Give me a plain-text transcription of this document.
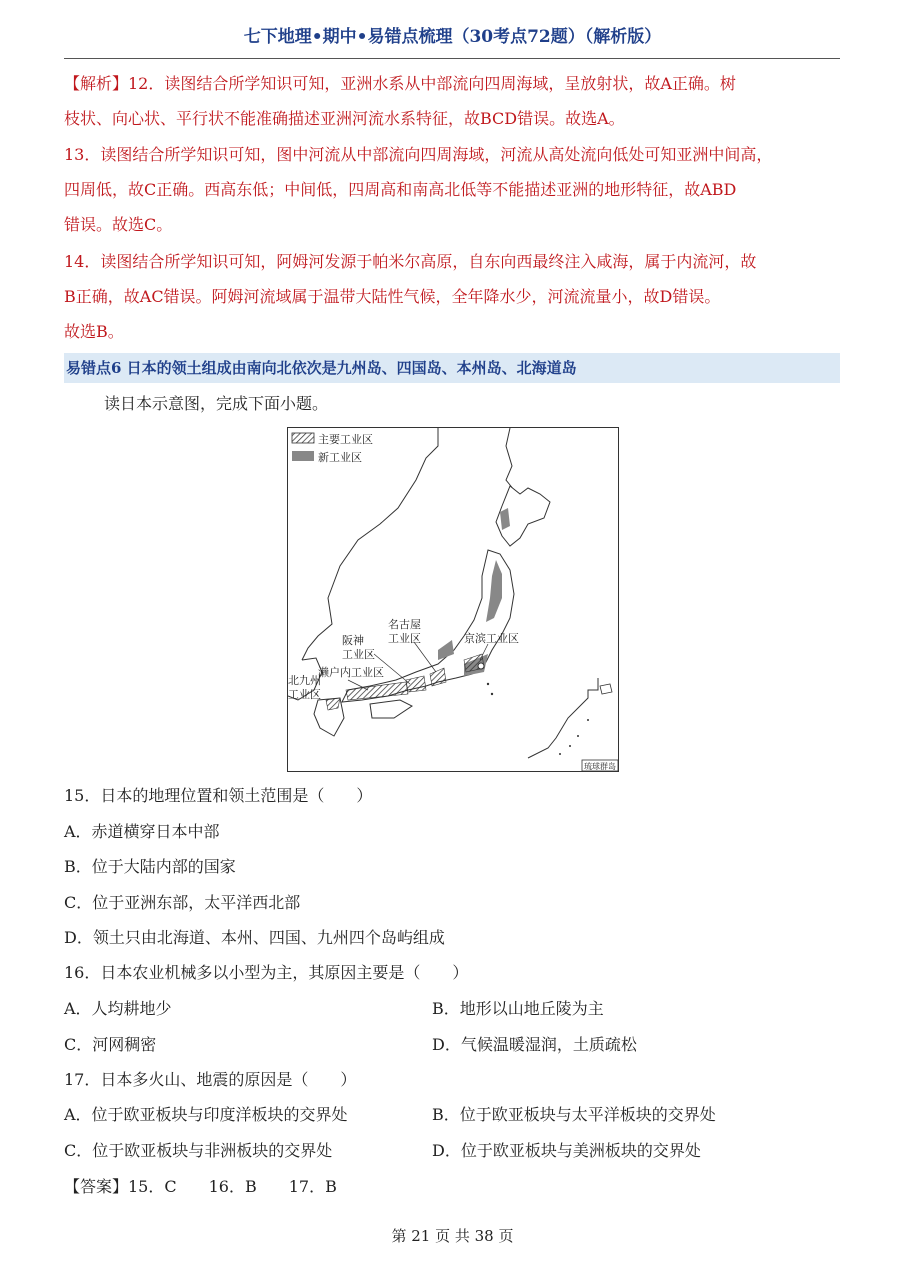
七下地理•期中•易错点梳理（30考点72题）（解析版）
【解析】12．读图结合所学知识可知，亚洲水系从中部流向四周海域，呈放射状，故A正确。树
枝状、向心状、平行状不能准确描述亚洲河流水系特征，故BCD错误。故选A。
13．读图结合所学知识可知，图中河流从中部流向四周海域，河流从高处流向低处可知亚洲中间高，
四周低，故C正确。西高东低；中间低，四周高和南高北低等不能描述亚洲的地形特征，故ABD
错误。故选C。
14．读图结合所学知识可知，阿姆河发源于帕米尔高原，自东向西最终注入咸海，属于内流河，故
B正确，故AC错误。阿姆河流域属于温带大陆性气候，全年降水少，河流流量小，故D错误。
故选B。
易错点6 日本的领土组成由南向北依次是九州岛、四国岛、本州岛、北海道岛
读日本示意图，完成下面小题。
主要工业区
新工业区
琉球群岛
名古屋
工业区	京滨工业区
阪神
工业区
濑户内工业区
北九州
工业区
15．日本的地理位置和领土范围是（　　）
A．赤道横穿日本中部
B．位于大陆内部的国家
C．位于亚洲东部，太平洋西北部
D．领土只由北海道、本州、四国、九州四个岛屿组成
16．日本农业机械多以小型为主，其原因主要是（　　）
A．人均耕地少	B．地形以山地丘陵为主
C．河网稠密	D．气候温暖湿润，土质疏松
17．日本多火山、地震的原因是（　　）
A．位于欧亚板块与印度洋板块的交界处	B．位于欧亚板块与太平洋板块的交界处
C．位于欧亚板块与非洲板块的交界处	D．位于欧亚板块与美洲板块的交界处
【答案】15．C　　16．B　　17．B
第 21 页 共 38 页
